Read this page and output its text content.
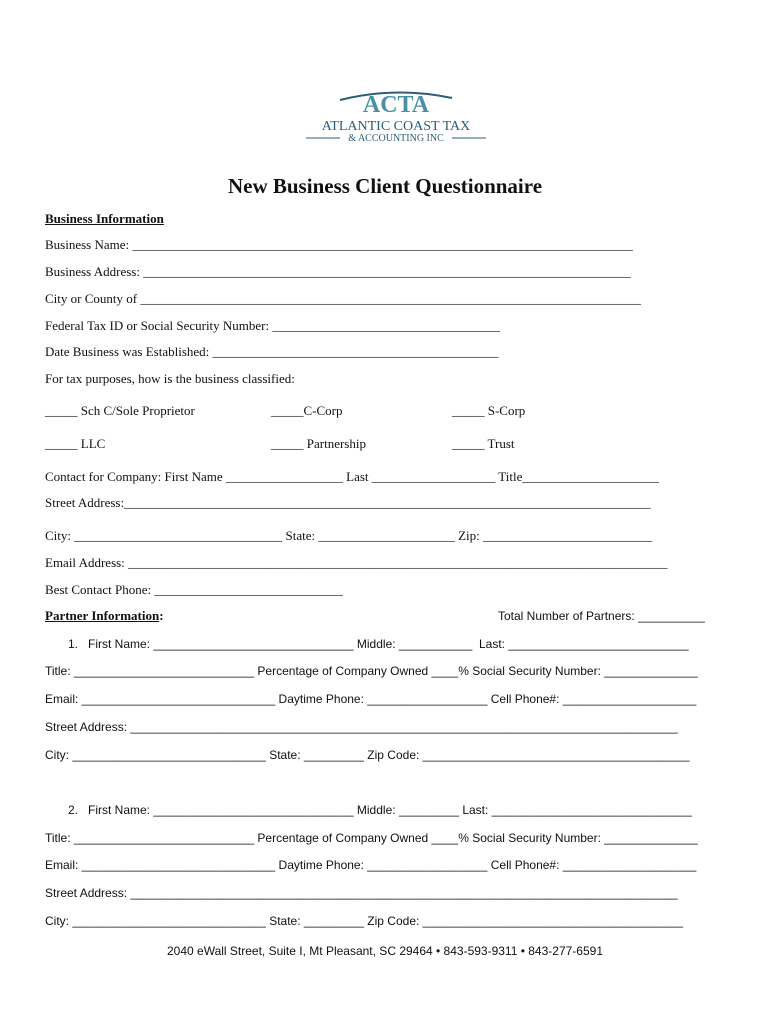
ACTA
ATLANTIC COAST TAX
& ACCOUNTING INC
New Business Client Questionnaire
Business Information
Business Name: _____________________________________________________________________________
Business Address: ___________________________________________________________________________
City or County of _____________________________________________________________________________
Federal Tax ID or Social Security Number: ___________________________________
Date Business was Established: ____________________________________________
For tax purposes, how is the business classified:
_____ Sch C/Sole Proprietor	_____C-Corp	_____ S-Corp
_____ LLC	_____ Partnership	_____ Trust
Contact for Company: First Name __________________ Last ___________________ Title_____________________
Street Address:_________________________________________________________________________________
City: ________________________________ State: _____________________ Zip: __________________________
Email Address: ___________________________________________________________________________________
Best Contact Phone: _____________________________
Partner Information:	Total Number of Partners: __________
1.   First Name: ______________________________ Middle: ___________  Last: ___________________________
Title: ___________________________ Percentage of Company Owned ____% Social Security Number: ______________
Email: _____________________________ Daytime Phone: __________________ Cell Phone#: ____________________
Street Address: __________________________________________________________________________________
City: _____________________________ State: _________ Zip Code: ________________________________________
2.   First Name: ______________________________ Middle: _________ Last: ______________________________
Title: ___________________________ Percentage of Company Owned ____% Social Security Number: ______________
Email: _____________________________ Daytime Phone: __________________ Cell Phone#: ____________________
Street Address: __________________________________________________________________________________
City: _____________________________ State: _________ Zip Code: _______________________________________
2040 eWall Street, Suite I, Mt Pleasant, SC 29464 • 843-593-9311 • 843-277-6591
